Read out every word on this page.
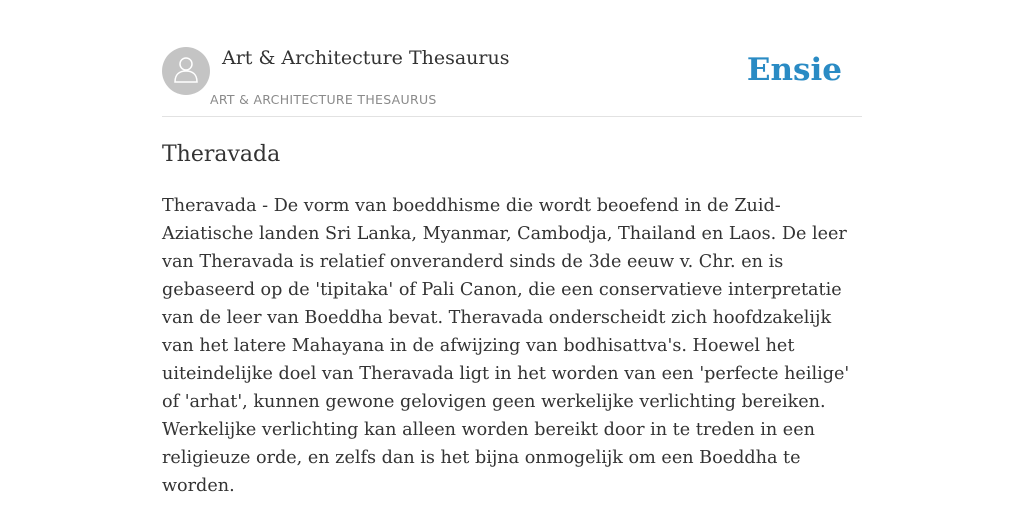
Art & Architecture Thesaurus
ART & ARCHITECTURE THESAURUS
Ensie
Theravada

Theravada - De vorm van boeddhisme die wordt beoefend in de Zuid-Aziatische landen Sri Lanka, Myanmar, Cambodja, Thailand en Laos. De leer van Theravada is relatief onveranderd sinds de 3de eeuw v. Chr. en is gebaseerd op de 'tipitaka' of Pali Canon, die een conservatieve interpretatie van de leer van Boeddha bevat. Theravada onderscheidt zich hoofdzakelijk van het latere Mahayana in de afwijzing van bodhisattva's. Hoewel het uiteindelijke doel van Theravada ligt in het worden van een 'perfecte heilige' of 'arhat', kunnen gewone gelovigen geen werkelijke verlichting bereiken. Werkelijke verlichting kan alleen worden bereikt door in te treden in een religieuze orde, en zelfs dan is het bijna onmogelijk om een Boeddha te worden.
